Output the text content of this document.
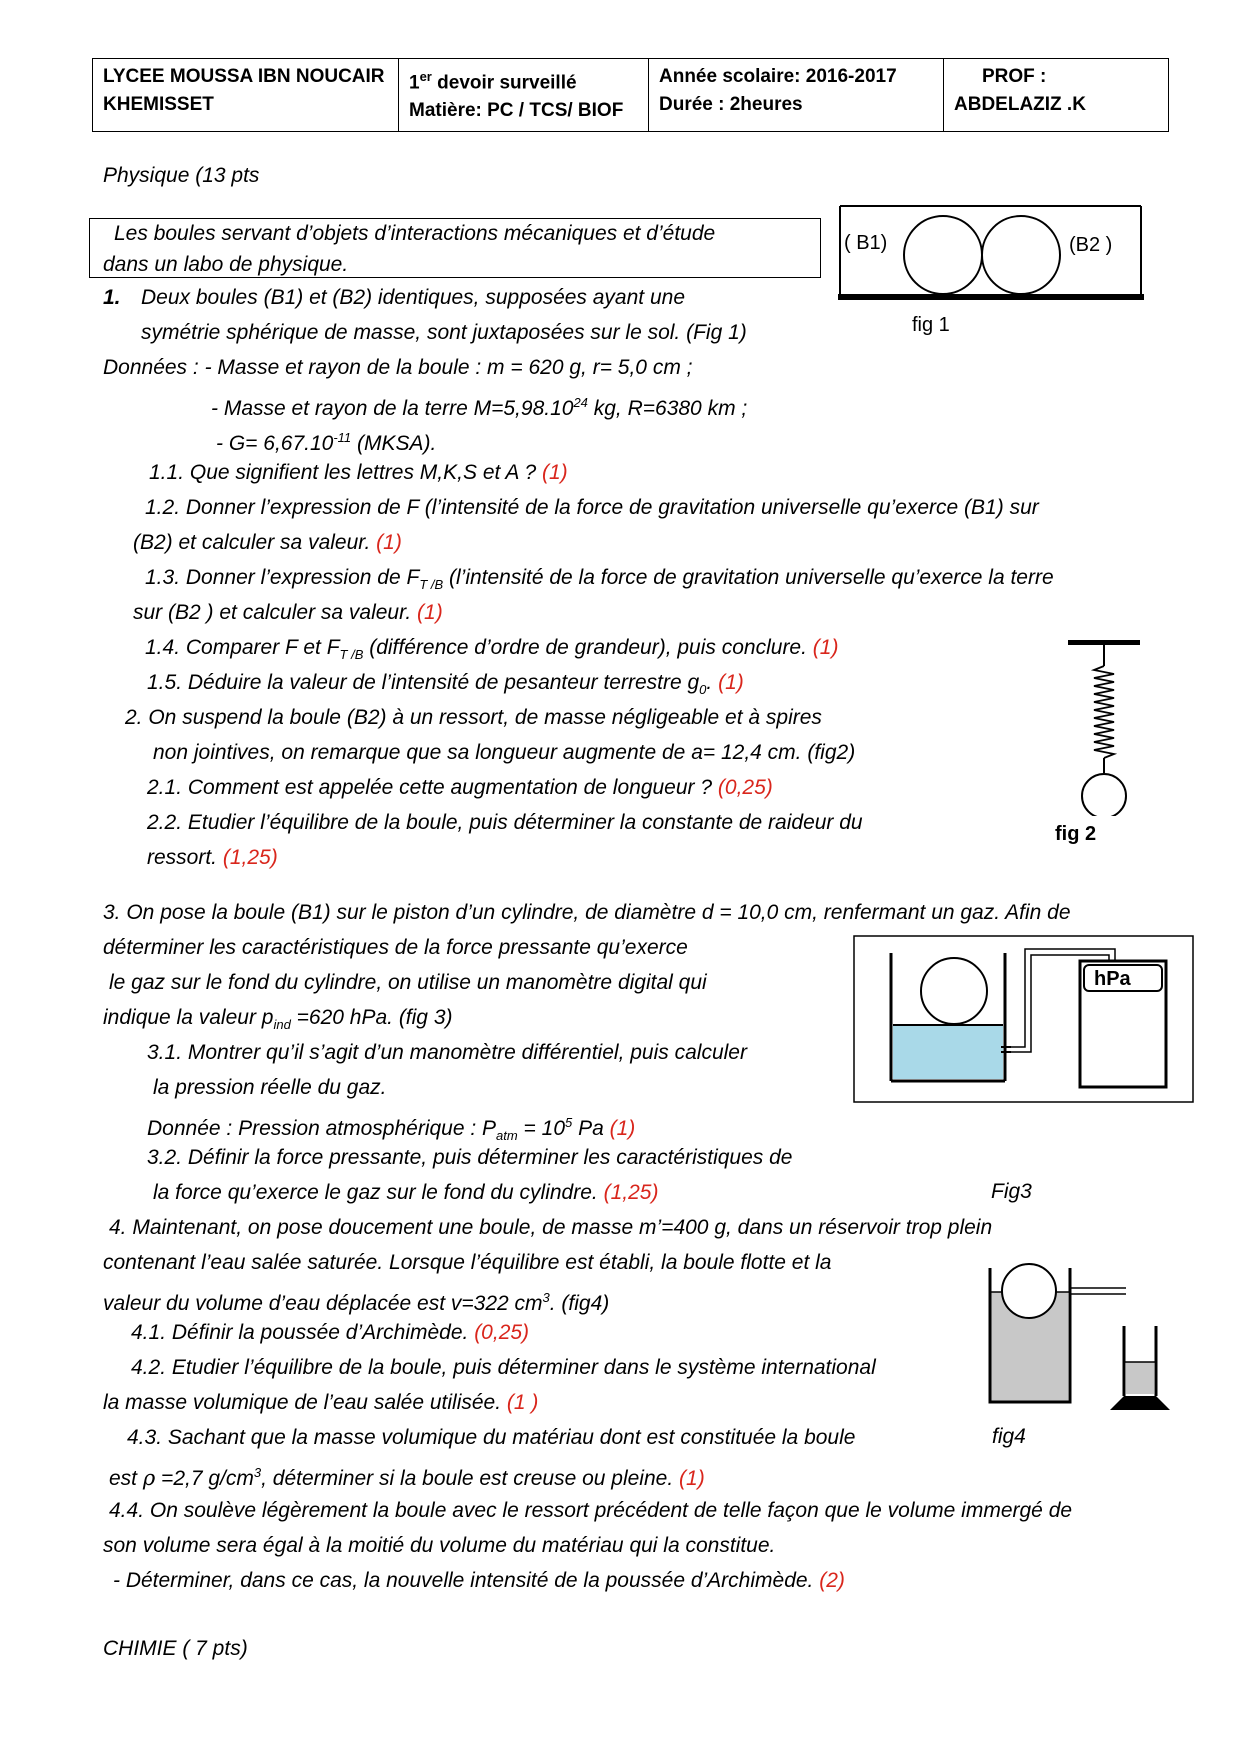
LYCEE MOUSSA IBN NOUCAIR
KHEMISSET

1er devoir surveillé
Matière: PC / TCS/ BIOF

Année scolaire: 2016-2017
Durée : 2heures

PROF :
ABDELAZIZ .K
Physique (13 pts
Les boules servant d’objets d’interactions mécaniques et d’étude
dans un labo de physique.
1. Deux boules (B1) et (B2) identiques, supposées ayant une
symétrie sphérique de masse, sont juxtaposées sur le sol. (Fig 1)
Données : - Masse et rayon de la boule : m = 620 g, r= 5,0 cm ;
- Masse et rayon de la terre $M=5,98.10^{24}$ kg, R=6380 km ;
- $G= 6,67.10^{-11}$ (MKSA).
1.1. Que signifient les lettres M,K,S et A ? (1)
1.2. Donner l’expression de F (l’intensité de la force de gravitation universelle qu’exerce (B1) sur
(B2) et calculer sa valeur. (1)
1.3. Donner l’expression de $F_{T /B}$ (l’intensité de la force de gravitation universelle qu’exerce la terre
sur (B2 ) et calculer sa valeur. (1)
1.4. Comparer F et $F_{T /B}$ (différence d’ordre de grandeur), puis conclure. (1)
1.5. Déduire la valeur de l’intensité de pesanteur terrestre $g_0$. (1)
2. On suspend la boule (B2) à un ressort, de masse négligeable et à spires
non jointives, on remarque que sa longueur augmente de a= 12,4 cm. (fig2)
2.1. Comment est appelée cette augmentation de longueur ? (0,25)
2.2. Etudier l’équilibre de la boule, puis déterminer la constante de raideur du
ressort. (1,25)
3. On pose la boule (B1) sur le piston d’un cylindre, de diamètre d = 10,0 cm, renfermant un gaz. Afin de
déterminer les caractéristiques de la force pressante qu’exerce
le gaz sur le fond du cylindre, on utilise un manomètre digital qui
indique la valeur $p_{ind} =620$ hPa. (fig 3)
3.1. Montrer qu’il s’agit d’un manomètre différentiel, puis calculer
la pression réelle du gaz.
Donnée : Pression atmosphérique : $P_{atm} = 10^5$ Pa (1)
3.2. Définir la force pressante, puis déterminer les caractéristiques de
la force qu’exerce le gaz sur le fond du cylindre. (1,25)
4. Maintenant, on pose doucement une boule, de masse m’=400 g, dans un réservoir trop plein
contenant l’eau salée saturée. Lorsque l’équilibre est établi, la boule flotte et la
valeur du volume d’eau déplacée est v=322 $cm^3$. (fig4)
4.1. Définir la poussée d’Archimède. (0,25)
4.2. Etudier l’équilibre de la boule, puis déterminer dans le système international
la masse volumique de l’eau salée utilisée. (1 )
4.3. Sachant que la masse volumique du matériau dont est constituée la boule
est ρ =2,7 $g/cm^3$, déterminer si la boule est creuse ou pleine. (1)
4.4. On soulève légèrement la boule avec le ressort précédent de telle façon que le volume immergé de
son volume sera égal à la moitié du volume du matériau qui la constitue.
- Déterminer, dans ce cas, la nouvelle intensité de la poussée d’Archimède. (2)
CHIMIE ( 7 pts)
( B1)	(B2 )
fig 1
fig 2
hPa
Fig3
fig4
